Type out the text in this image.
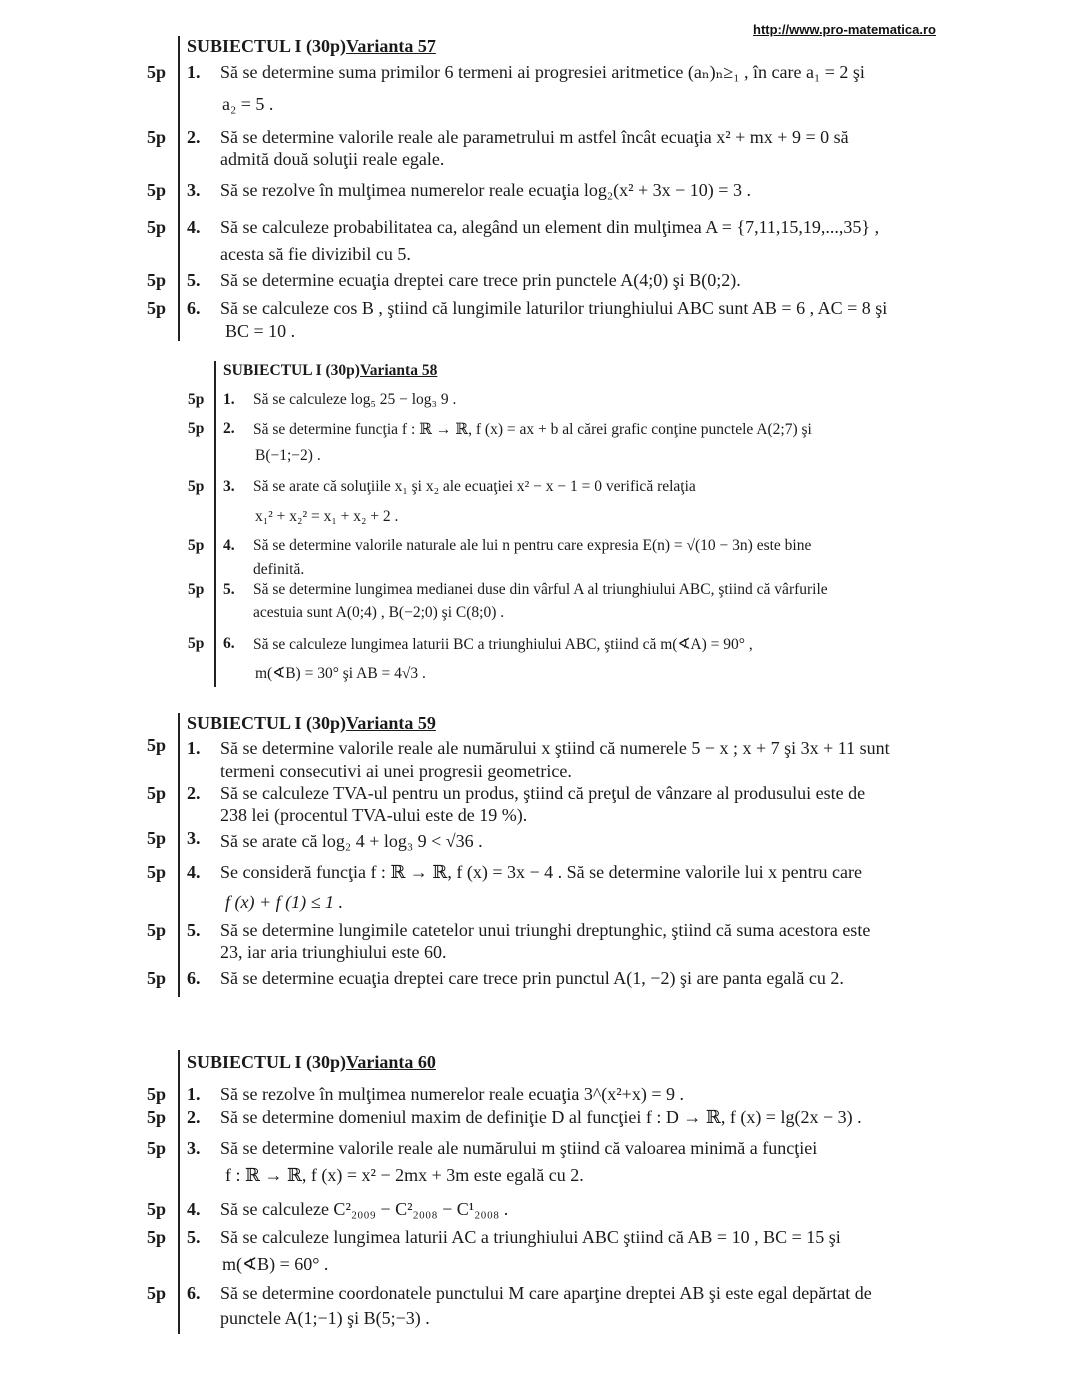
http://www.pro-matematica.ro
SUBIECTUL I (30p)Varianta 57
5p 1. Să se determine suma primilor 6 termeni ai progresiei aritmetice (aₙ)ₙ≥₁ , în care a₁ = 2 şi
a₂ = 5 .
5p 2. Să se determine valorile reale ale parametrului m astfel încât ecuaţia x² + mx + 9 = 0 să
admită două soluţii reale egale.
5p 3. Să se rezolve în mulţimea numerelor reale ecuaţia log₂(x² + 3x − 10) = 3 .
5p 4. Să se calculeze probabilitatea ca, alegând un element din mulţimea A = {7,11,15,19,...,35} ,
acesta să fie divizibil cu 5.
5p 5. Să se determine ecuaţia dreptei care trece prin punctele A(4;0) şi B(0;2).
5p 6. Să se calculeze cos B , ştiind că lungimile laturilor triunghiului ABC sunt AB = 6 , AC = 8 şi
BC = 10 .
SUBIECTUL I (30p)Varianta 58
5p 1. Să se calculeze log₅ 25 − log₃ 9 .
5p 2. Să se determine funcţia f : ℝ → ℝ, f (x) = ax + b al cărei grafic conţine punctele A(2;7) şi
B(−1;−2) .
5p 3. Să se arate că soluţiile x₁ şi x₂ ale ecuaţiei x² − x − 1 = 0 verifică relaţia
x₁² + x₂² = x₁ + x₂ + 2 .
5p 4. Să se determine valorile naturale ale lui n pentru care expresia E(n) = √(10 − 3n) este bine
definită.
5p 5. Să se determine lungimea medianei duse din vârful A al triunghiului ABC, ştiind că vârfurile
acestuia sunt A(0;4) , B(−2;0) şi C(8;0) .
5p 6. Să se calculeze lungimea laturii BC a triunghiului ABC, ştiind că m(∢A) = 90° ,
m(∢B) = 30° şi AB = 4√3 .
SUBIECTUL I (30p)Varianta 59
5p 1. Să se determine valorile reale ale numărului x ştiind că numerele 5 − x ; x + 7 şi 3x + 11 sunt
termeni consecutivi ai unei progresii geometrice.
5p 2. Să se calculeze TVA-ul pentru un produs, ştiind că preţul de vânzare al produsului este de
238 lei (procentul TVA-ului este de 19 %).
5p 3. Să se arate că log₂ 4 + log₃ 9 < √36 .
5p 4. Se consideră funcţia f : ℝ → ℝ, f (x) = 3x − 4 . Să se determine valorile lui x pentru care
f (x) + f (1) ≤ 1 .
5p 5. Să se determine lungimile catetelor unui triunghi dreptunghic, ştiind că suma acestora este
23, iar aria triunghiului este 60.
5p 6. Să se determine ecuaţia dreptei care trece prin punctul A(1, −2) şi are panta egală cu 2.
SUBIECTUL I (30p)Varianta 60
5p 1. Să se rezolve în mulţimea numerelor reale ecuaţia 3^(x²+x) = 9 .
5p 2. Să se determine domeniul maxim de definiţie D al funcţiei f : D → ℝ, f (x) = lg(2x − 3) .
5p 3. Să se determine valorile reale ale numărului m ştiind că valoarea minimă a funcţiei
f : ℝ → ℝ, f (x) = x² − 2mx + 3m este egală cu 2.
5p 4. Să se calculeze C²₂₀₀₉ − C²₂₀₀₈ − C¹₂₀₀₈ .
5p 5. Să se calculeze lungimea laturii AC a triunghiului ABC ştiind că AB = 10 , BC = 15 şi
m(∢B) = 60° .
5p 6. Să se determine coordonatele punctului M care aparţine dreptei AB şi este egal depărtat de
punctele A(1;−1) şi B(5;−3) .
